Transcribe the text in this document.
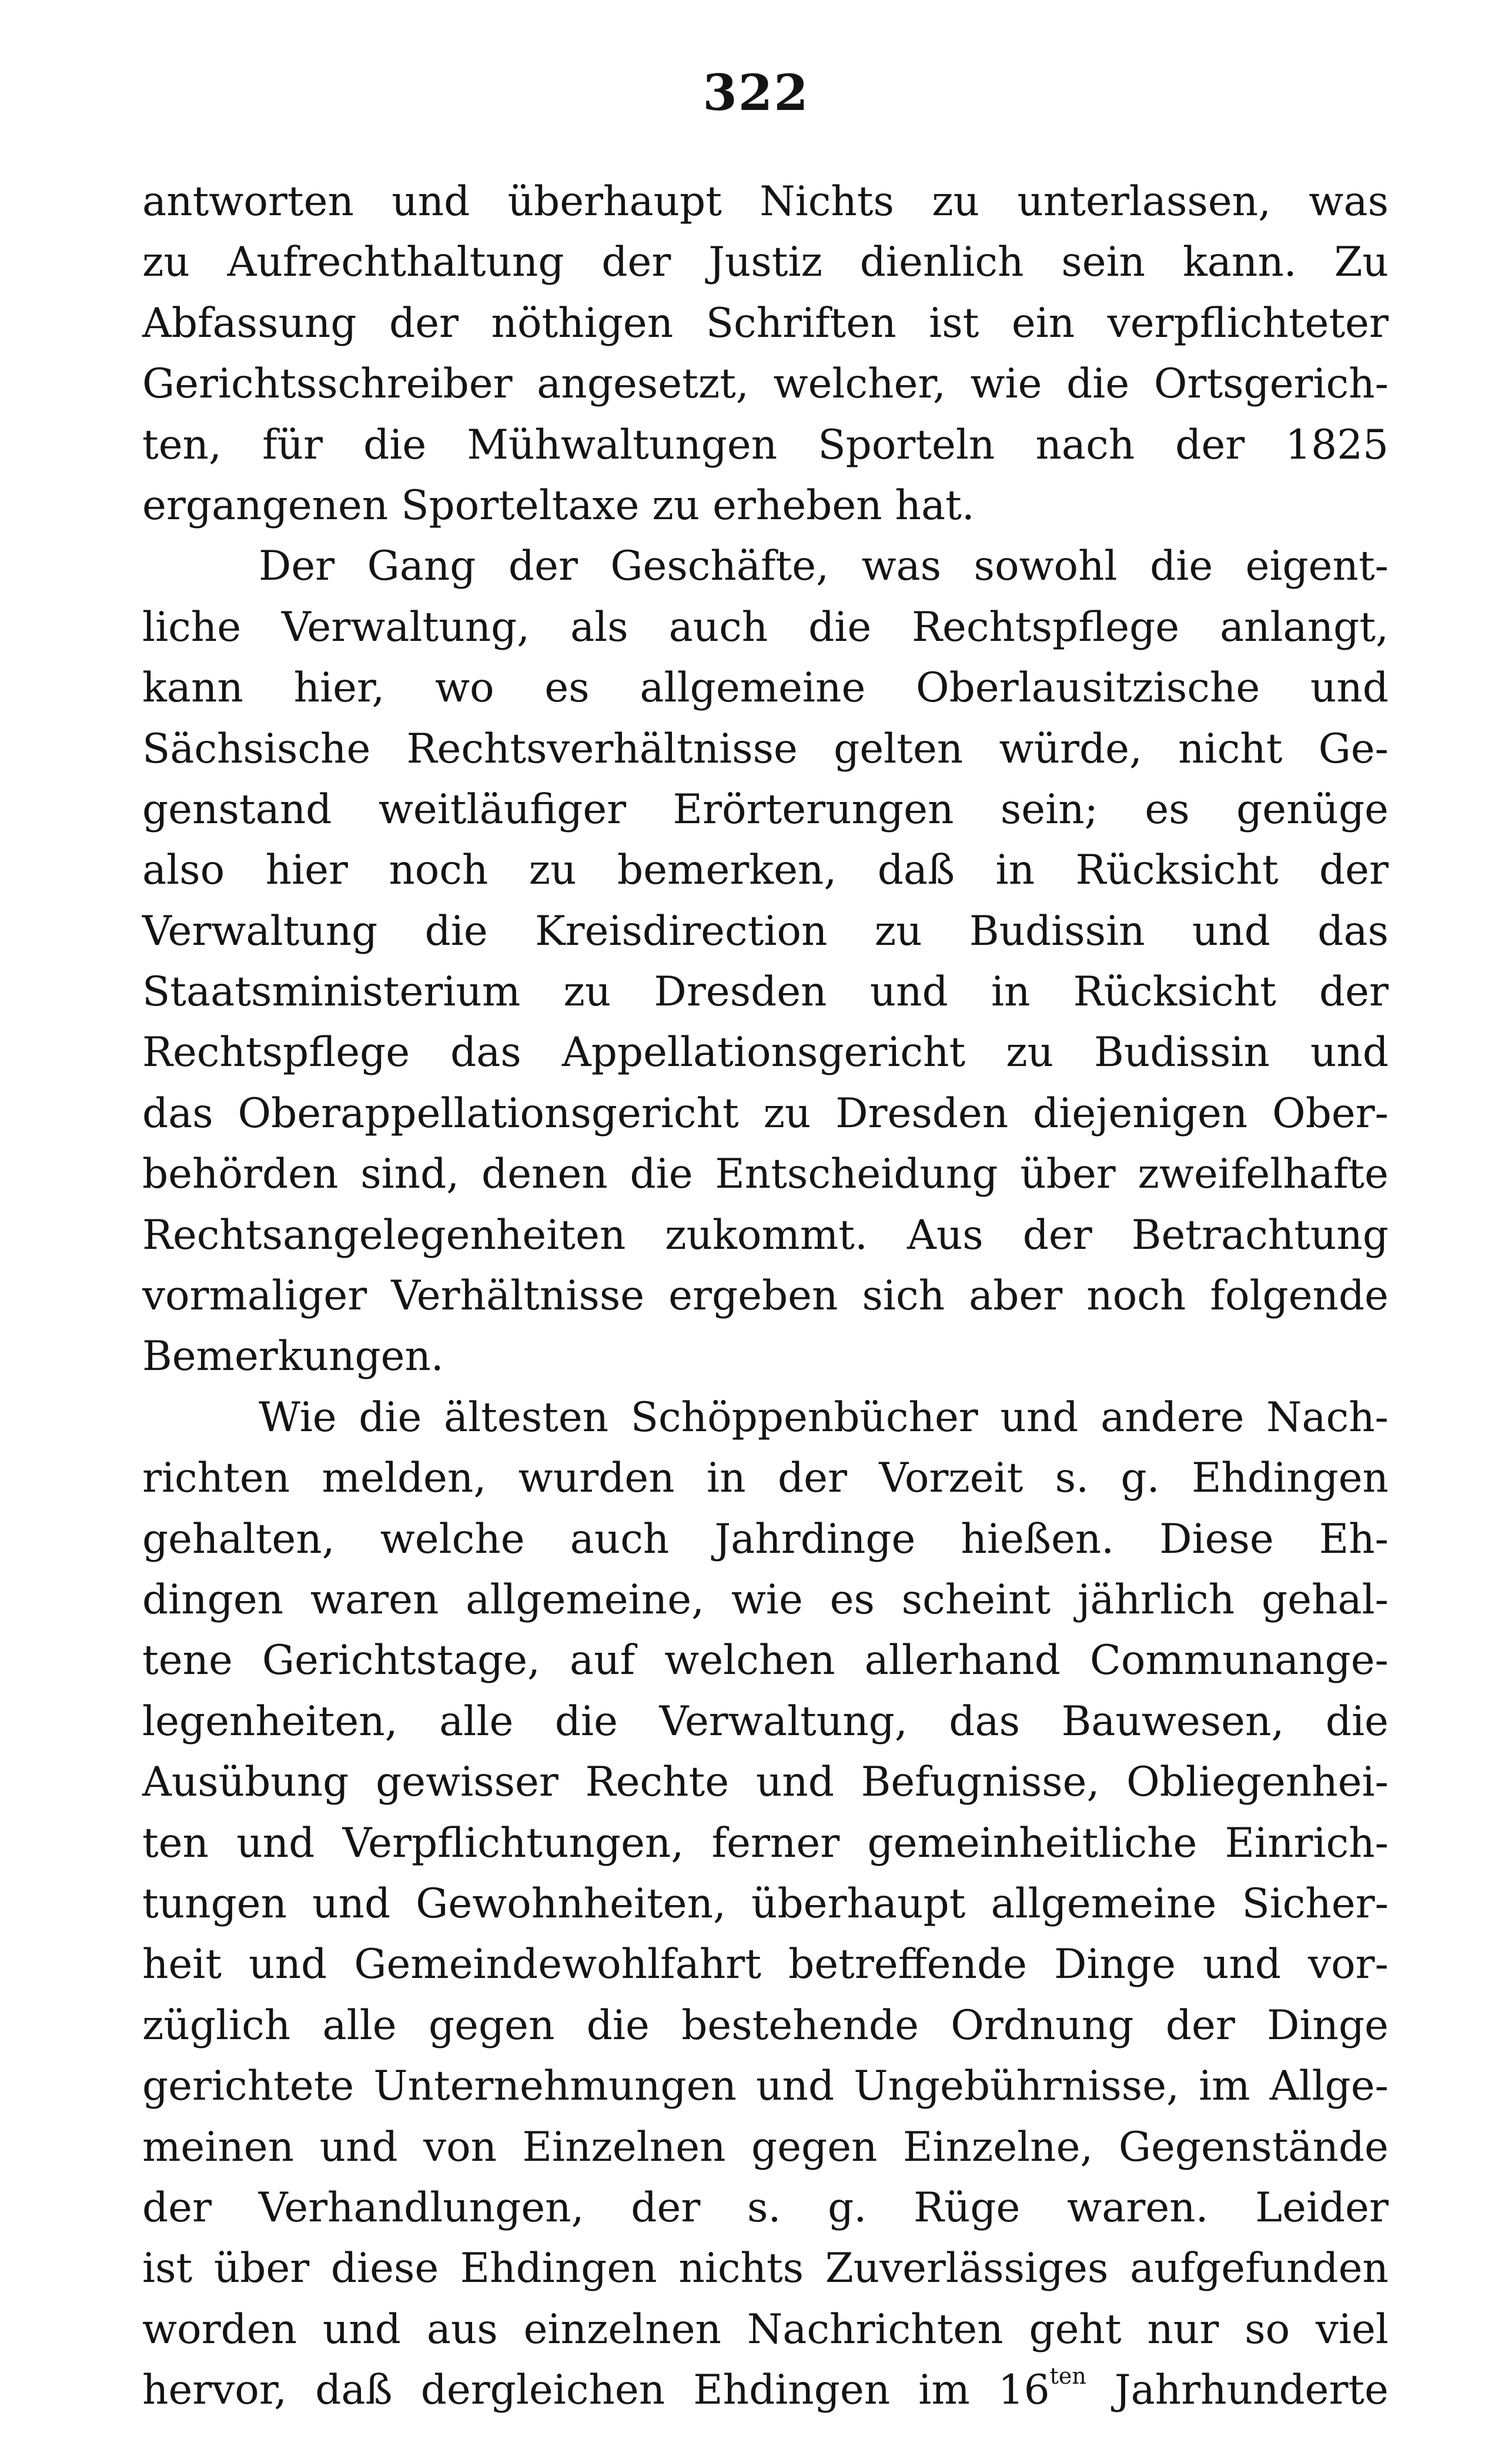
322
antworten und überhaupt Nichts zu unterlassen, was
zu Aufrechthaltung der Justiz dienlich sein kann. Zu
Abfassung der nöthigen Schriften ist ein verpflichteter
Gerichtsschreiber angesetzt, welcher, wie die Ortsgerich-
ten, für die Mühwaltungen Sporteln nach der 1825
ergangenen Sporteltaxe zu erheben hat.
Der Gang der Geschäfte, was sowohl die eigent-
liche Verwaltung, als auch die Rechtspflege anlangt,
kann hier, wo es allgemeine Oberlausitzische und
Sächsische Rechtsverhältnisse gelten würde, nicht Ge-
genstand weitläufiger Erörterungen sein; es genüge
also hier noch zu bemerken, daß in Rücksicht der
Verwaltung die Kreisdirection zu Budissin und das
Staatsministerium zu Dresden und in Rücksicht der
Rechtspflege das Appellationsgericht zu Budissin und
das Oberappellationsgericht zu Dresden diejenigen Ober-
behörden sind, denen die Entscheidung über zweifelhafte
Rechtsangelegenheiten zukommt. Aus der Betrachtung
vormaliger Verhältnisse ergeben sich aber noch folgende
Bemerkungen.
Wie die ältesten Schöppenbücher und andere Nach-
richten melden, wurden in der Vorzeit s. g. Ehdingen
gehalten, welche auch Jahrdinge hießen. Diese Eh-
dingen waren allgemeine, wie es scheint jährlich gehal-
tene Gerichtstage, auf welchen allerhand Communange-
legenheiten, alle die Verwaltung, das Bauwesen, die
Ausübung gewisser Rechte und Befugnisse, Obliegenhei-
ten und Verpflichtungen, ferner gemeinheitliche Einrich-
tungen und Gewohnheiten, überhaupt allgemeine Sicher-
heit und Gemeindewohlfahrt betreffende Dinge und vor-
züglich alle gegen die bestehende Ordnung der Dinge
gerichtete Unternehmungen und Ungebührnisse, im Allge-
meinen und von Einzelnen gegen Einzelne, Gegenstände
der Verhandlungen, der s. g. Rüge waren. Leider
ist über diese Ehdingen nichts Zuverlässiges aufgefunden
worden und aus einzelnen Nachrichten geht nur so viel
hervor, daß dergleichen Ehdingen im $16^{ten}$ Jahrhunderte
